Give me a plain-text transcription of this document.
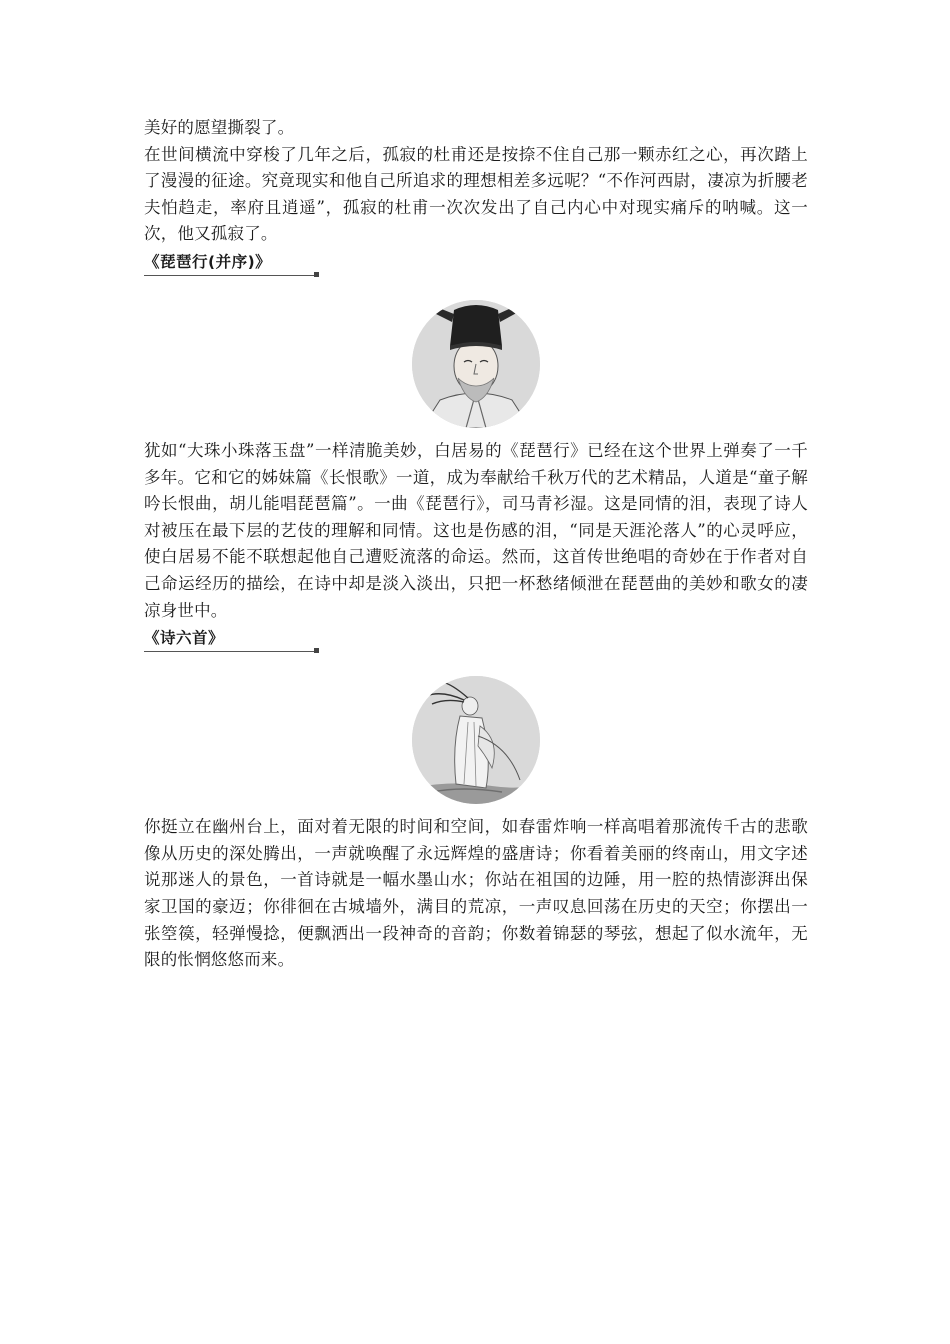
美好的愿望撕裂了。

在世间横流中穿梭了几年之后，孤寂的杜甫还是按捺不住自己那一颗赤红之心，再次踏上了漫漫的征途。究竟现实和他自己所追求的理想相差多远呢？“不作河西尉，凄凉为折腰老夫怕趋走，率府且逍遥”，孤寂的杜甫一次次发出了自己内心中对现实痛斥的呐喊。这一次，他又孤寂了。

《琵琶行(并序)》

犹如“大珠小珠落玉盘”一样清脆美妙，白居易的《琵琶行》已经在这个世界上弹奏了一千多年。它和它的姊妹篇《长恨歌》一道，成为奉献给千秋万代的艺术精品，人道是“童子解吟长恨曲，胡儿能唱琵琶篇”。一曲《琵琶行》，司马青衫湿。这是同情的泪，表现了诗人对被压在最下层的艺伎的理解和同情。这也是伤感的泪，“同是天涯沦落人”的心灵呼应，使白居易不能不联想起他自己遭贬流落的命运。然而，这首传世绝唱的奇妙在于作者对自己命运经历的描绘，在诗中却是淡入淡出，只把一杯愁绪倾泄在琵琶曲的美妙和歌女的凄凉身世中。

《诗六首》

你挺立在幽州台上，面对着无限的时间和空间，如春雷炸响一样高唱着那流传千古的悲歌像从历史的深处腾出，一声就唤醒了永远辉煌的盛唐诗；你看着美丽的终南山，用文字述说那迷人的景色，一首诗就是一幅水墨山水；你站在祖国的边陲，用一腔的热情澎湃出保家卫国的豪迈；你徘徊在古城墙外，满目的荒凉，一声叹息回荡在历史的天空；你摆出一张箜篌，轻弹慢捻，便飘洒出一段神奇的音韵；你数着锦瑟的琴弦，想起了似水流年，无限的怅惘悠悠而来。
